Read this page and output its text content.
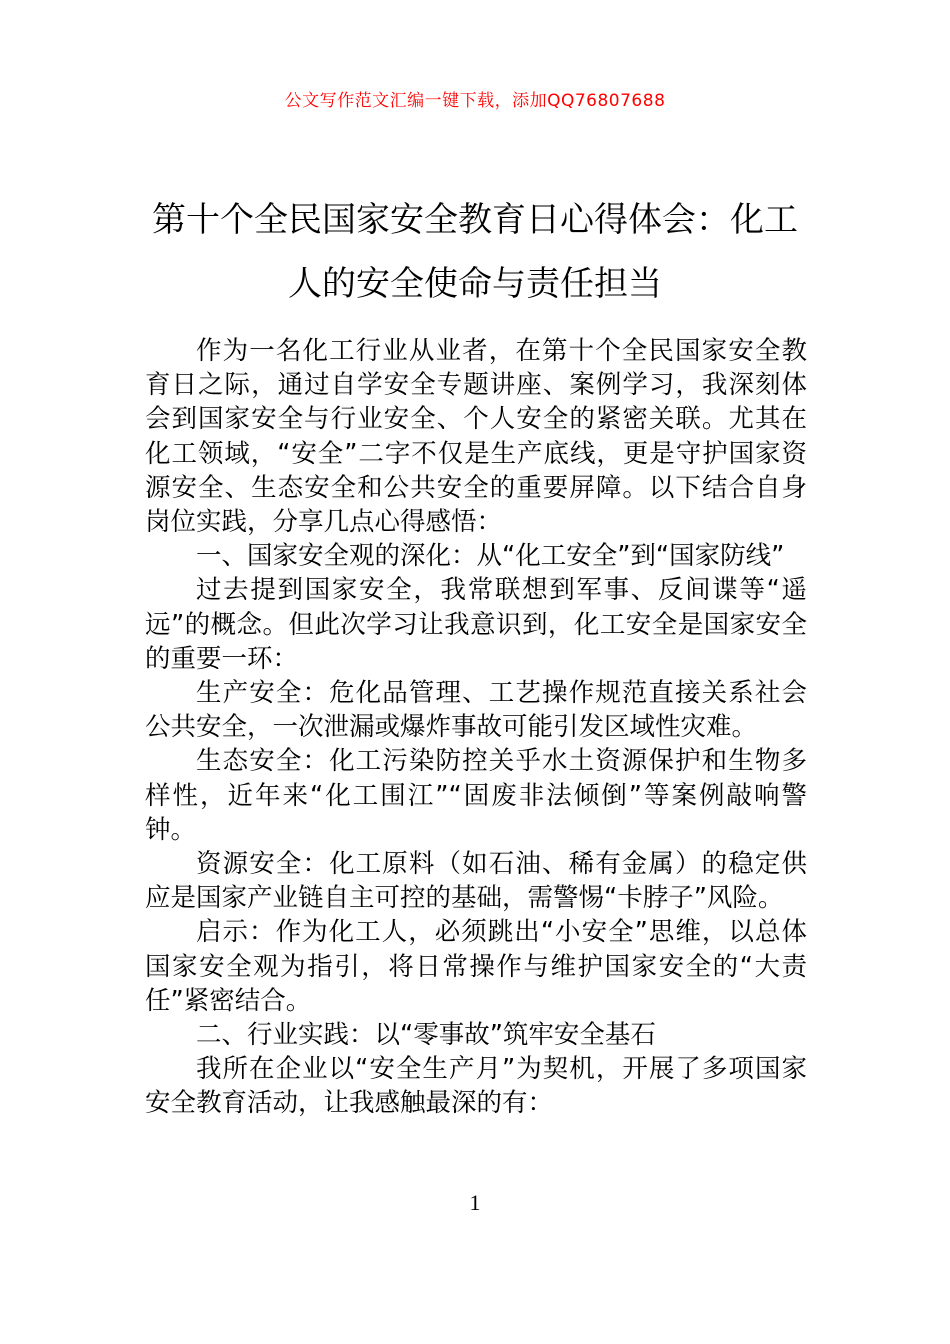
公文写作范文汇编一键下载，添加QQ76807688
第十个全民国家安全教育日心得体会：化工人的安全使命与责任担当

作为一名化工行业从业者，在第十个全民国家安全教育日之际，通过自学安全专题讲座、案例学习，我深刻体会到国家安全与行业安全、个人安全的紧密关联。尤其在化工领域，“安全”二字不仅是生产底线，更是守护国家资源安全、生态安全和公共安全的重要屏障。以下结合自身岗位实践，分享几点心得感悟：

一、国家安全观的深化：从“化工安全”到“国家防线”

过去提到国家安全，我常联想到军事、反间谍等“遥远”的概念。但此次学习让我意识到，化工安全是国家安全的重要一环：

生产安全：危化品管理、工艺操作规范直接关系社会公共安全，一次泄漏或爆炸事故可能引发区域性灾难。

生态安全：化工污染防控关乎水土资源保护和生物多样性，近年来“化工围江”“固废非法倾倒”等案例敲响警钟。

资源安全：化工原料（如石油、稀有金属）的稳定供应是国家产业链自主可控的基础，需警惕“卡脖子”风险。

启示：作为化工人，必须跳出“小安全”思维，以总体国家安全观为指引，将日常操作与维护国家安全的“大责任”紧密结合。

二、行业实践：以“零事故”筑牢安全基石

我所在企业以“安全生产月”为契机，开展了多项国家安全教育活动，让我感触最深的有：

1
